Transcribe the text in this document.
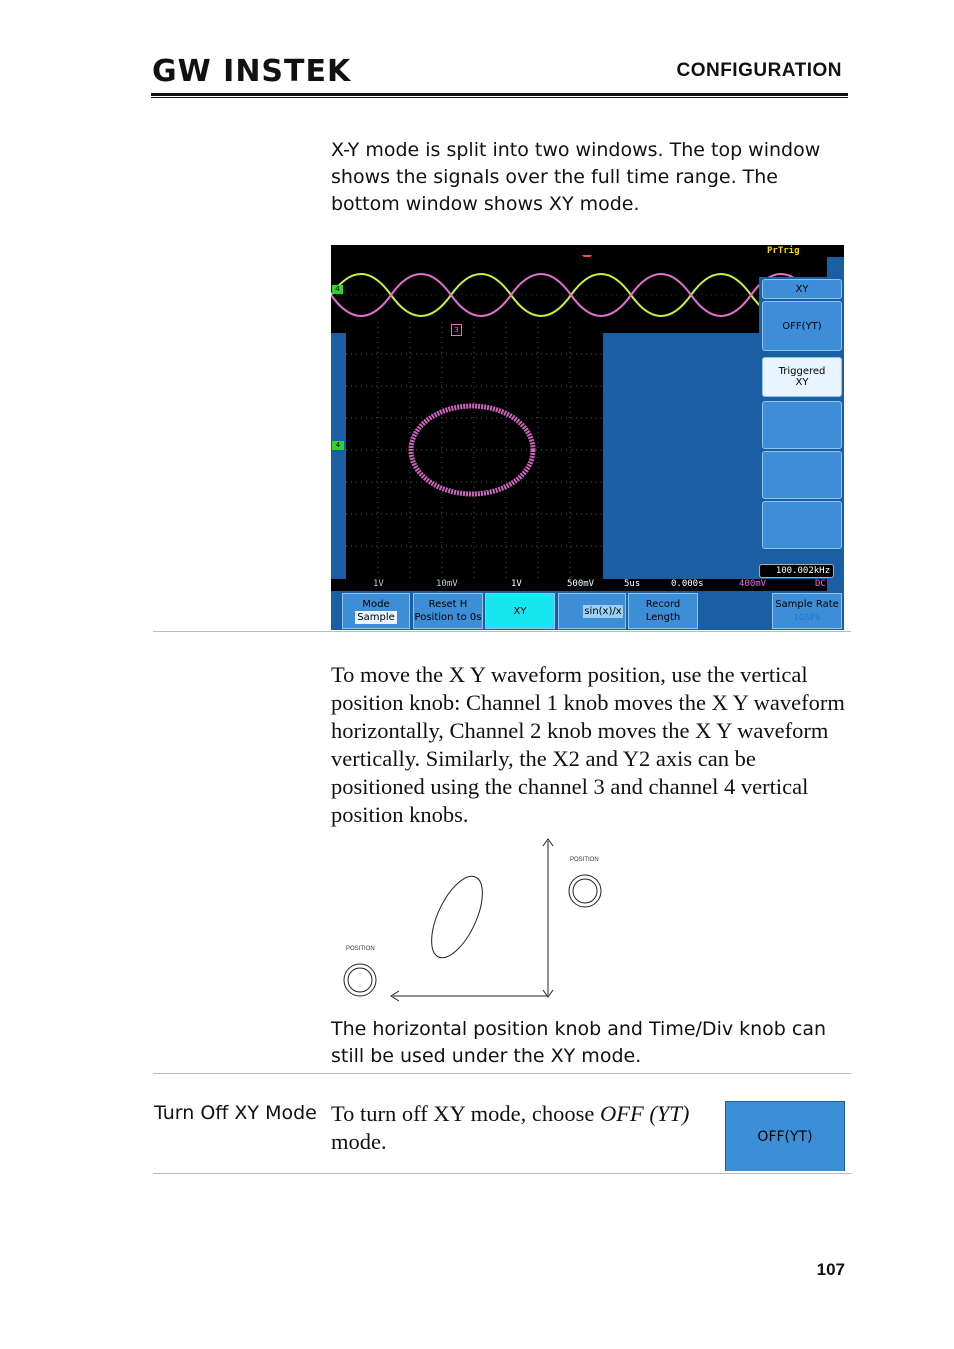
GW INSTEK	CONFIGURATION
X-Y mode is split into two windows. The top window shows the signals over the full time range. The bottom window shows XY mode.
PrTrig
4
3
4
XY
OFF(YT)
Triggered
XY
100.002kHz
1V	10mV	1V	500mV	5us	0.000s	400mV	DC
Mode
Sample
Reset H
Position to 0s
XY	sin(x)/x
Record
Length
Sample Rate
1GSPS
To move the X Y waveform position, use the vertical position knob: Channel 1 knob moves the X Y waveform horizontally, Channel 2 knob moves the X Y waveform vertically. Similarly, the X2 and Y2 axis can be positioned using the channel 3 and channel 4 vertical position knobs.
POSITION
POSITION
The horizontal position knob and Time/Div knob can still be used under the XY mode.
Turn Off XY Mode To turn off XY mode, choose OFF (YT) mode.	OFF(YT)
107
